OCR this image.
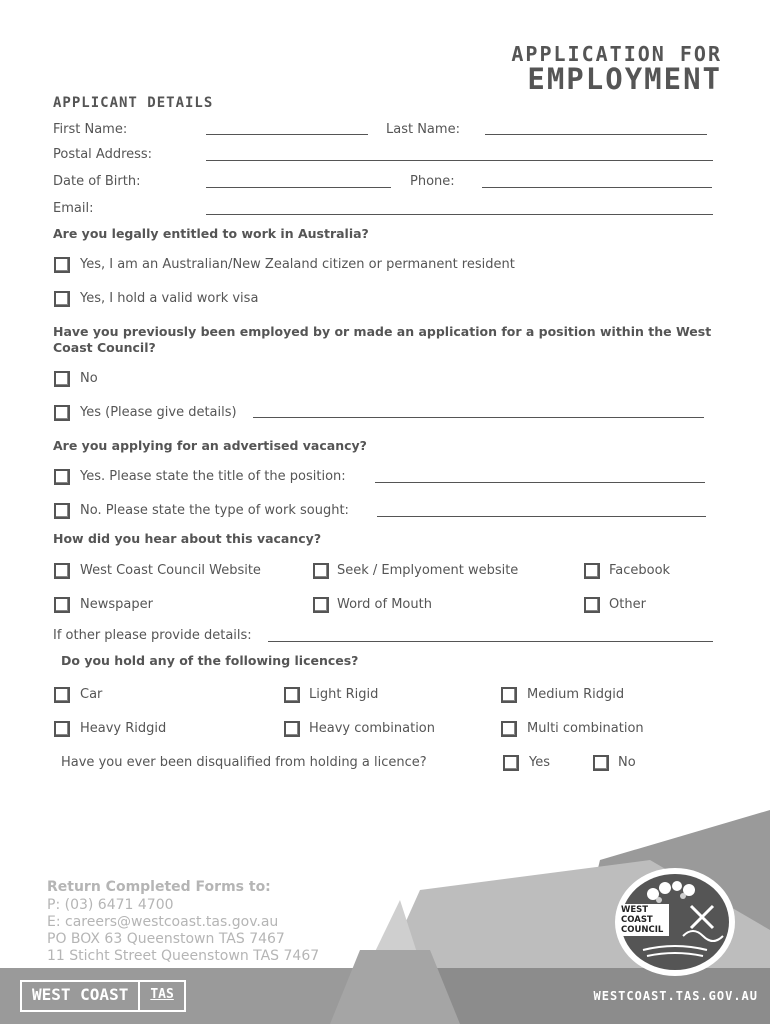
APPLICATION FOR
EMPLOYMENT
APPLICANT DETAILS
First Name:	Last Name:
Postal Address:
Date of Birth:	Phone:
Email:
Are you legally entitled to work in Australia?
Yes, I am an Australian/New Zealand citizen or permanent resident
Yes, I hold a valid work visa
Have you previously been employed by or made an application for a position within the West
Coast Council?
No
Yes (Please give details)
Are you applying for an advertised vacancy?
Yes. Please state the title of the position:
No. Please state the type of work sought:
How did you hear about this vacancy?
West Coast Council Website	Seek / Emplyoment website	Facebook
Newspaper	Word of Mouth	Other
If other please provide details:
Do you hold any of the following licences?
Car	Light Rigid	Medium Ridgid
Heavy Ridgid	Heavy combination	Multi combination
Have you ever been disqualified from holding a licence?	Yes	No
Return Completed Forms to:
P: (03) 6471 4700
E: careers@westcoast.tas.gov.au
PO BOX 63 Queenstown TAS 7467
11 Sticht Street Queenstown TAS 7467
WEST COAST	TAS
WEST COAST COUNCIL
WESTCOAST.TAS.GOV.AU
